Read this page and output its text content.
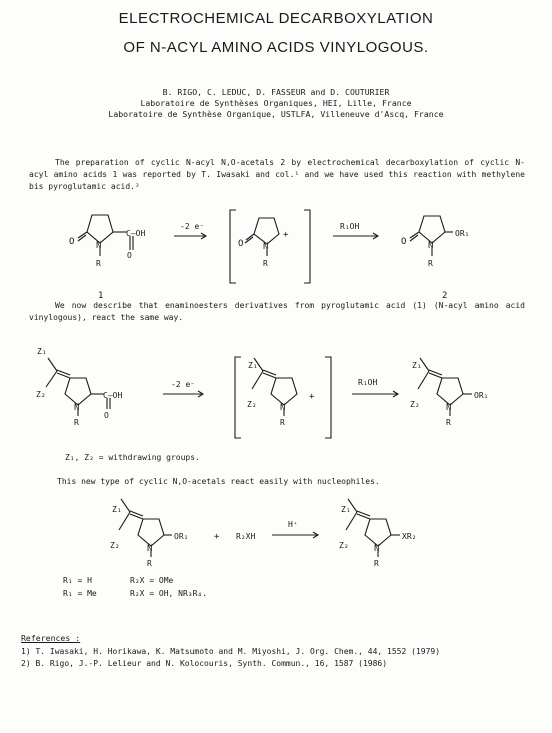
ELECTROCHEMICAL DECARBOXYLATION
OF N-ACYL AMINO ACIDS VINYLOGOUS.
B. RIGO, C. LEDUC, D. FASSEUR and D. COUTURIER
Laboratoire de Synthèses Organiques, HEI, Lille, France
Laboratoire de Synthèse Organique, USTLFA, Villeneuve d'Ascq, France
The preparation of cyclic N-acyl N,O-acetals 2 by electrochemical decarboxylation of cyclic N-acyl amino acids 1 was reported by T. Iwasaki and col.¹ and we have used this reaction with methylene bis pyroglutamic acid.²
We now describe that enaminoesters derivatives from pyroglutamic acid (1) (N-acyl amino acid vinylogous), react the same way.
Z₁, Z₂ = withdrawing groups.
This new type of cyclic N,O-acetals react easily with nucleophiles.
O N
R
C–OH
O
1
-2 e⁻
O N
R
+
R₁OH
O N
R
OR₁
2
Z₁
Z₂
N
R
C–OH
O
-2 e⁻
Z₁
Z₂	N
R
+
R₁OH
Z₁
Z₂	N
R
OR₁
Z₁
Z₂	N
R
OR₁	+ R₂XH
H⁺
Z₁
Z₂	N
R
XR₂
R₁ = H	R₂X = OMe
R₁ = Me	R₂X = OH, NR₃R₄.
References :
1) T. Iwasaki, H. Horikawa, K. Matsumoto and M. Miyoshi, J. Org. Chem., 44, 1552 (1979)
2) B. Rigo, J.-P. Lelieur and N. Kolocouris, Synth. Commun., 16, 1587 (1986)
